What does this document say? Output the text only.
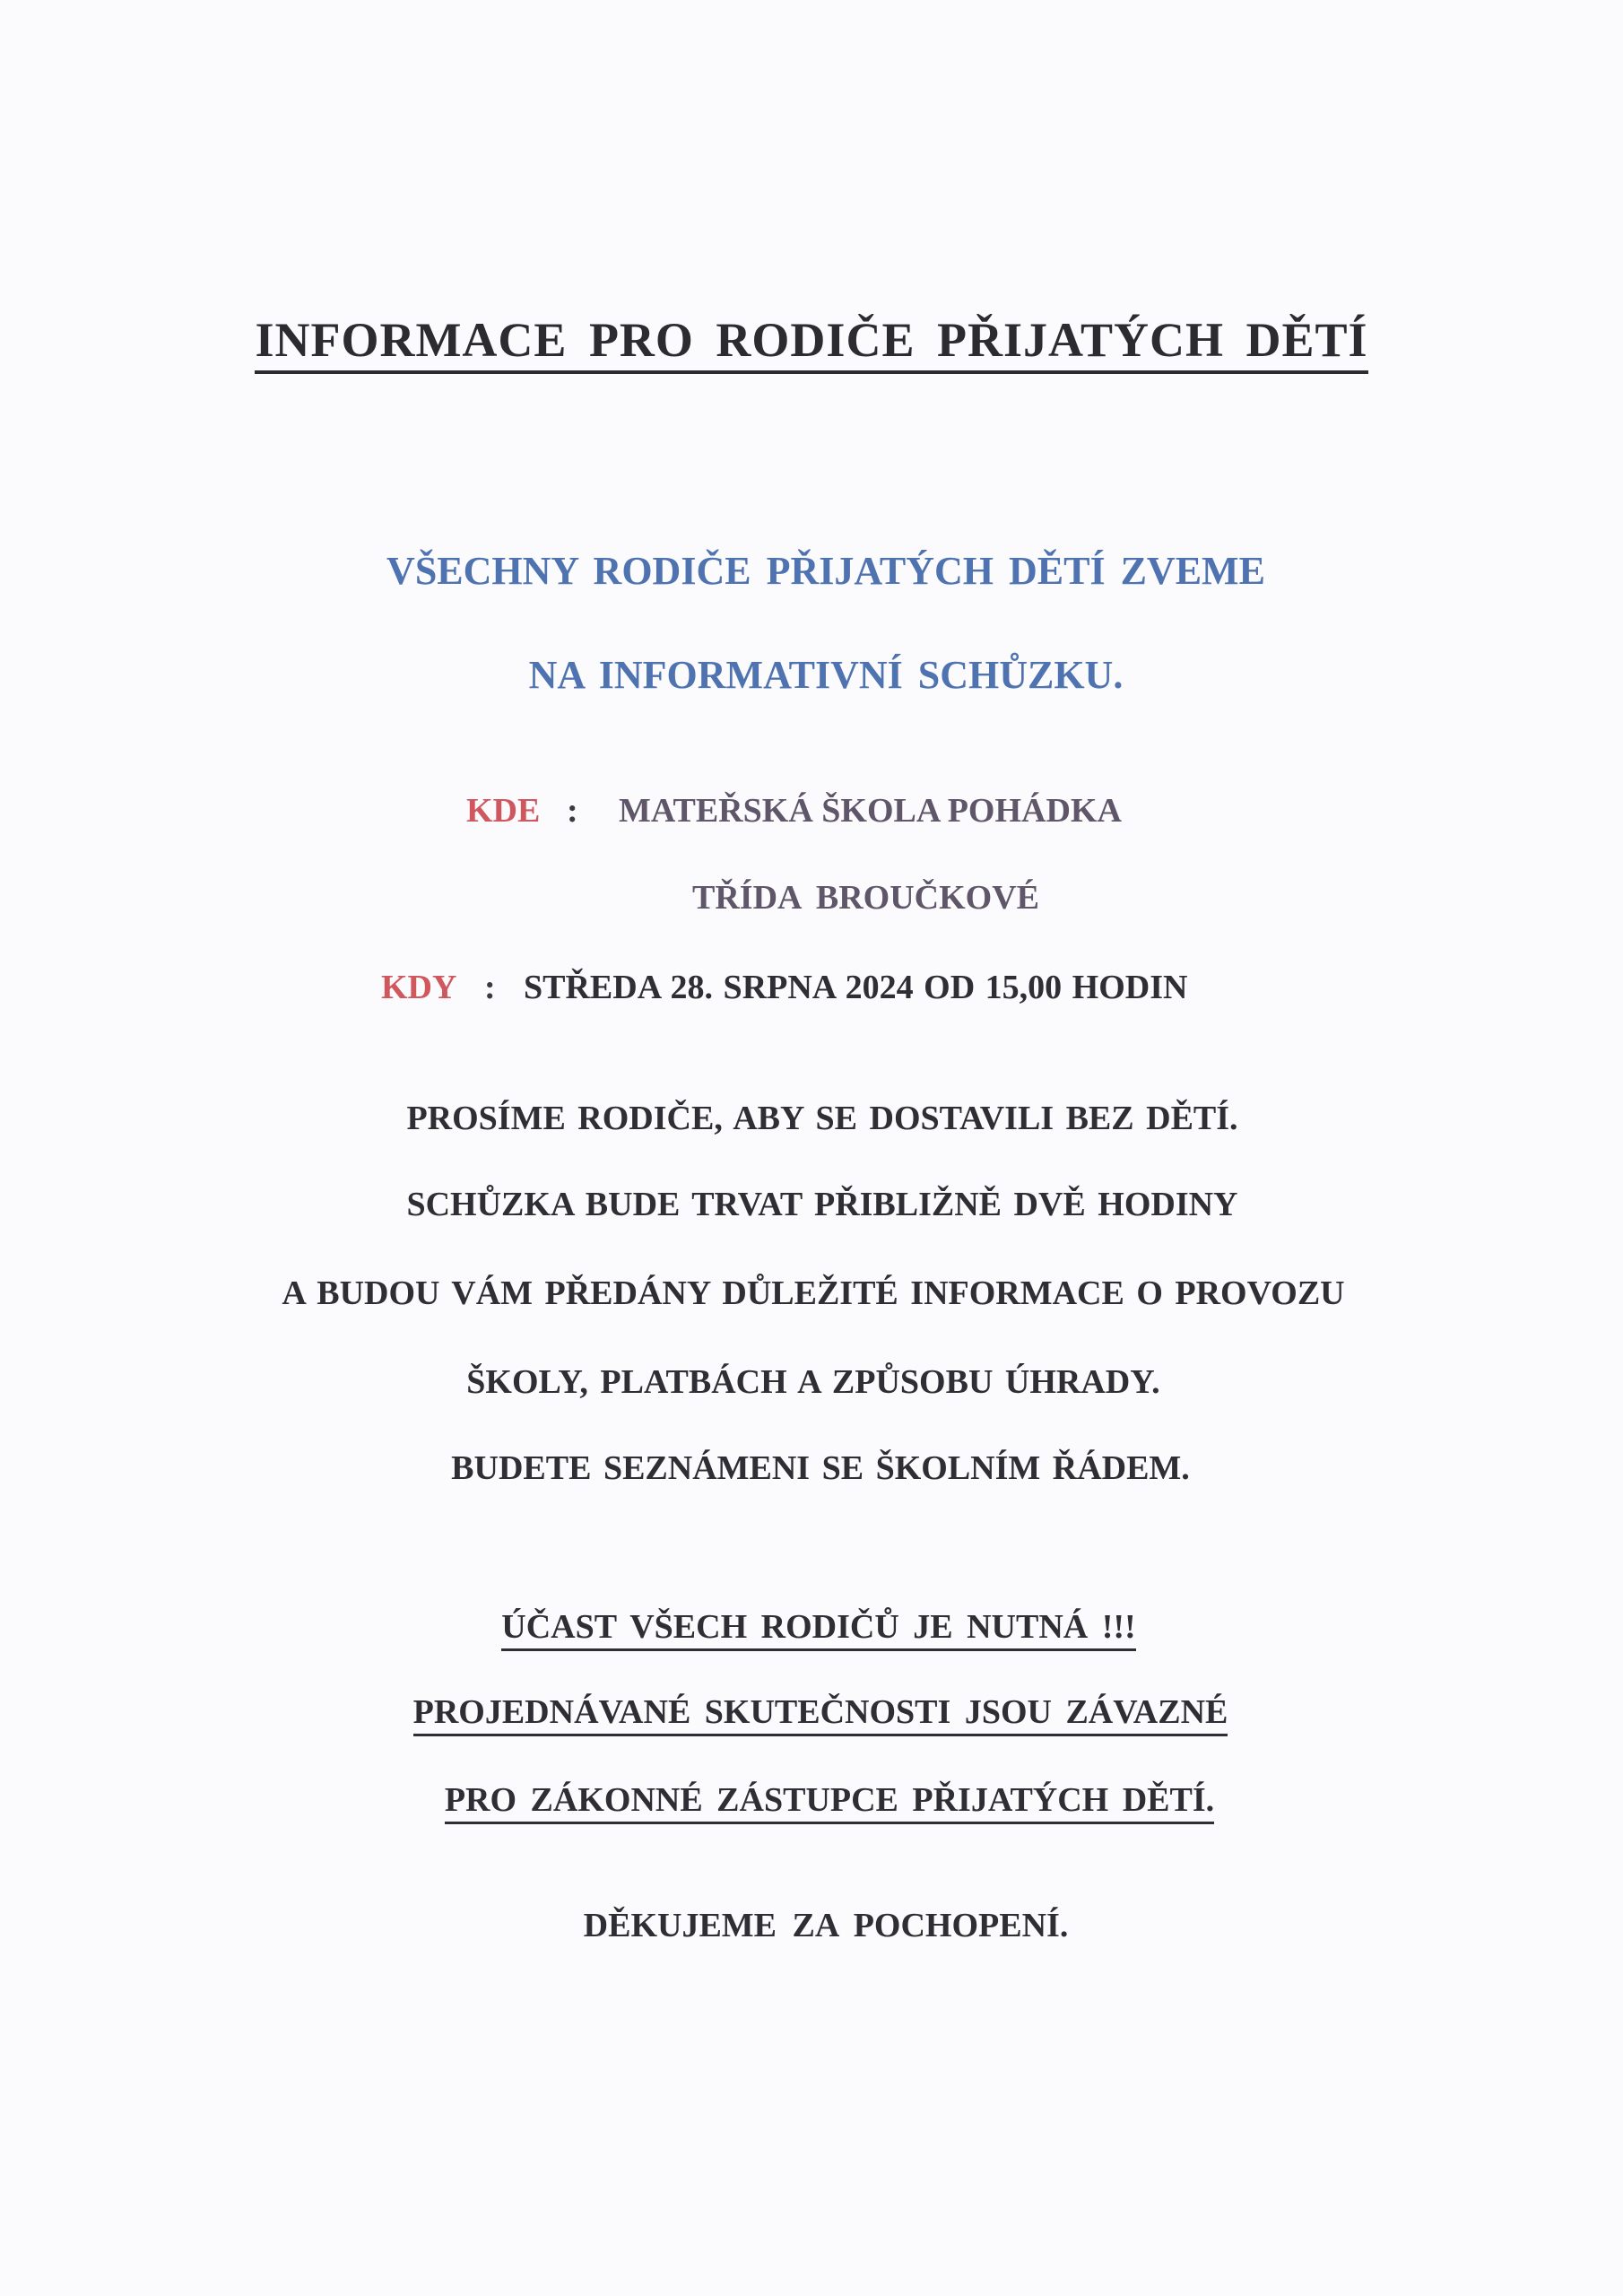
INFORMACE PRO RODIČE PŘIJATÝCH DĚTÍ
VŠECHNY RODIČE PŘIJATÝCH DĚTÍ ZVEME
NA INFORMATIVNÍ SCHŮZKU.
KDE : MATEŘSKÁ ŠKOLA POHÁDKA
TŘÍDA BROUČKOVÉ
KDY : STŘEDA 28. SRPNA 2024 OD 15,00 HODIN
PROSÍME RODIČE, ABY SE DOSTAVILI BEZ DĚTÍ.
SCHŮZKA BUDE TRVAT PŘIBLIŽNĚ DVĚ HODINY
A BUDOU VÁM PŘEDÁNY DŮLEŽITÉ INFORMACE O PROVOZU
ŠKOLY, PLATBÁCH A ZPŮSOBU ÚHRADY.
BUDETE SEZNÁMENI SE ŠKOLNÍM ŘÁDEM.
ÚČAST VŠECH RODIČŮ JE NUTNÁ !!!
PROJEDNÁVANÉ SKUTEČNOSTI JSOU ZÁVAZNÉ
PRO ZÁKONNÉ ZÁSTUPCE PŘIJATÝCH DĚTÍ.
DĚKUJEME ZA POCHOPENÍ.
